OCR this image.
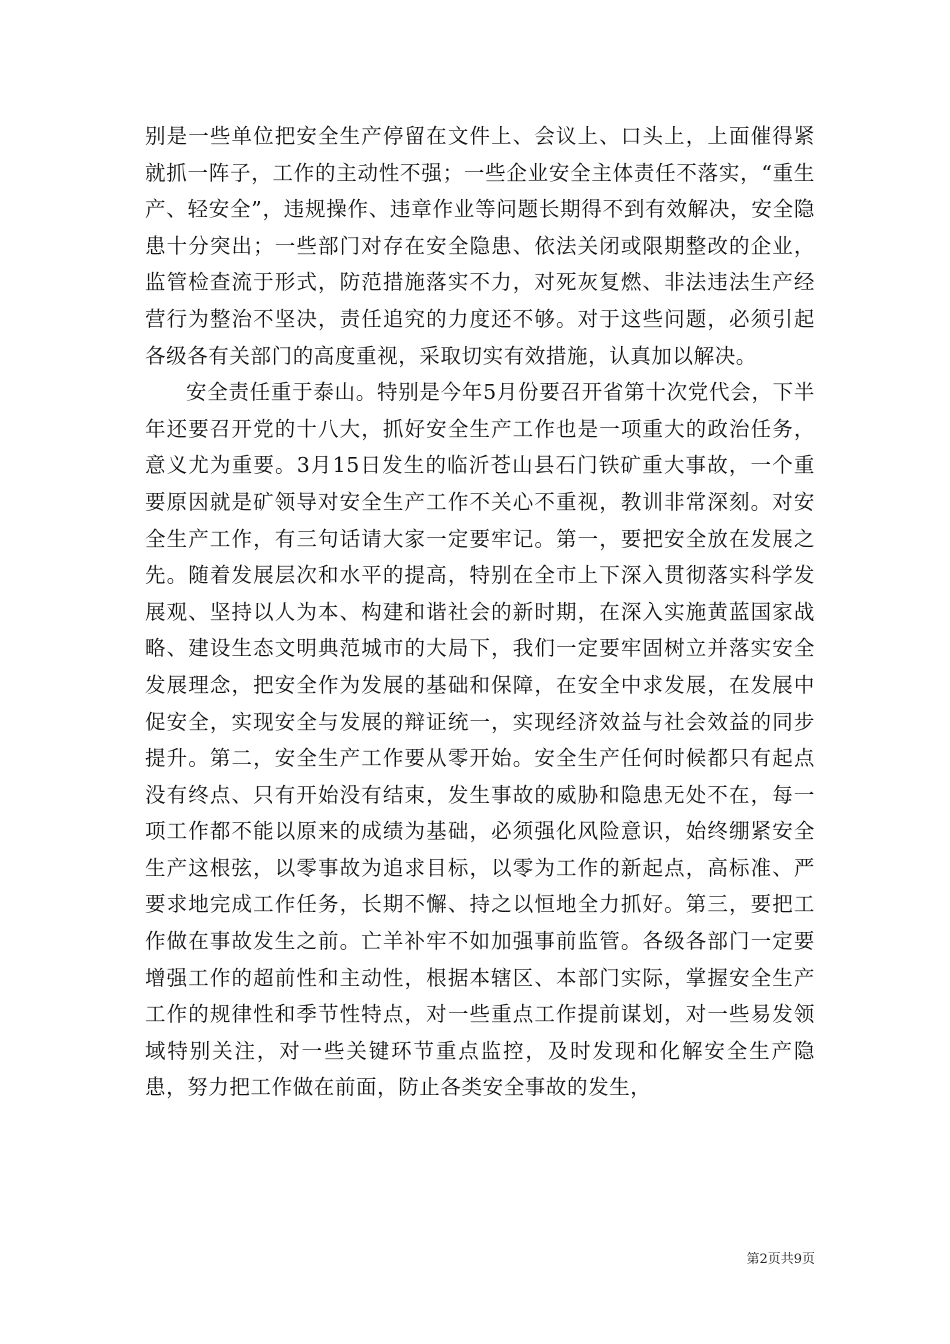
别是一些单位把安全生产停留在文件上、会议上、口头上，上面催得紧就抓一阵子，工作的主动性不强；一些企业安全主体责任不落实，“重生产、轻安全”，违规操作、违章作业等问题长期得不到有效解决，安全隐患十分突出；一些部门对存在安全隐患、依法关闭或限期整改的企业，监管检查流于形式，防范措施落实不力，对死灰复燃、非法违法生产经营行为整治不坚决，责任追究的力度还不够。对于这些问题，必须引起各级各有关部门的高度重视，采取切实有效措施，认真加以解决。

安全责任重于泰山。特别是今年5月份要召开省第十次党代会，下半年还要召开党的十八大，抓好安全生产工作也是一项重大的政治任务，意义尤为重要。3月15日发生的临沂苍山县石门铁矿重大事故，一个重要原因就是矿领导对安全生产工作不关心不重视，教训非常深刻。对安全生产工作，有三句话请大家一定要牢记。第一，要把安全放在发展之先。随着发展层次和水平的提高，特别在全市上下深入贯彻落实科学发展观、坚持以人为本、构建和谐社会的新时期，在深入实施黄蓝国家战略、建设生态文明典范城市的大局下，我们一定要牢固树立并落实安全发展理念，把安全作为发展的基础和保障，在安全中求发展，在发展中促安全，实现安全与发展的辩证统一，实现经济效益与社会效益的同步提升。第二，安全生产工作要从零开始。安全生产任何时候都只有起点没有终点、只有开始没有结束，发生事故的威胁和隐患无处不在，每一项工作都不能以原来的成绩为基础，必须强化风险意识，始终绷紧安全生产这根弦，以零事故为追求目标，以零为工作的新起点，高标准、严要求地完成工作任务，长期不懈、持之以恒地全力抓好。第三，要把工作做在事故发生之前。亡羊补牢不如加强事前监管。各级各部门一定要增强工作的超前性和主动性，根据本辖区、本部门实际，掌握安全生产工作的规律性和季节性特点，对一些重点工作提前谋划，对一些易发领域特别关注，对一些关键环节重点监控，及时发现和化解安全生产隐患，努力把工作做在前面，防止各类安全事故的发生，

第2页共9页
